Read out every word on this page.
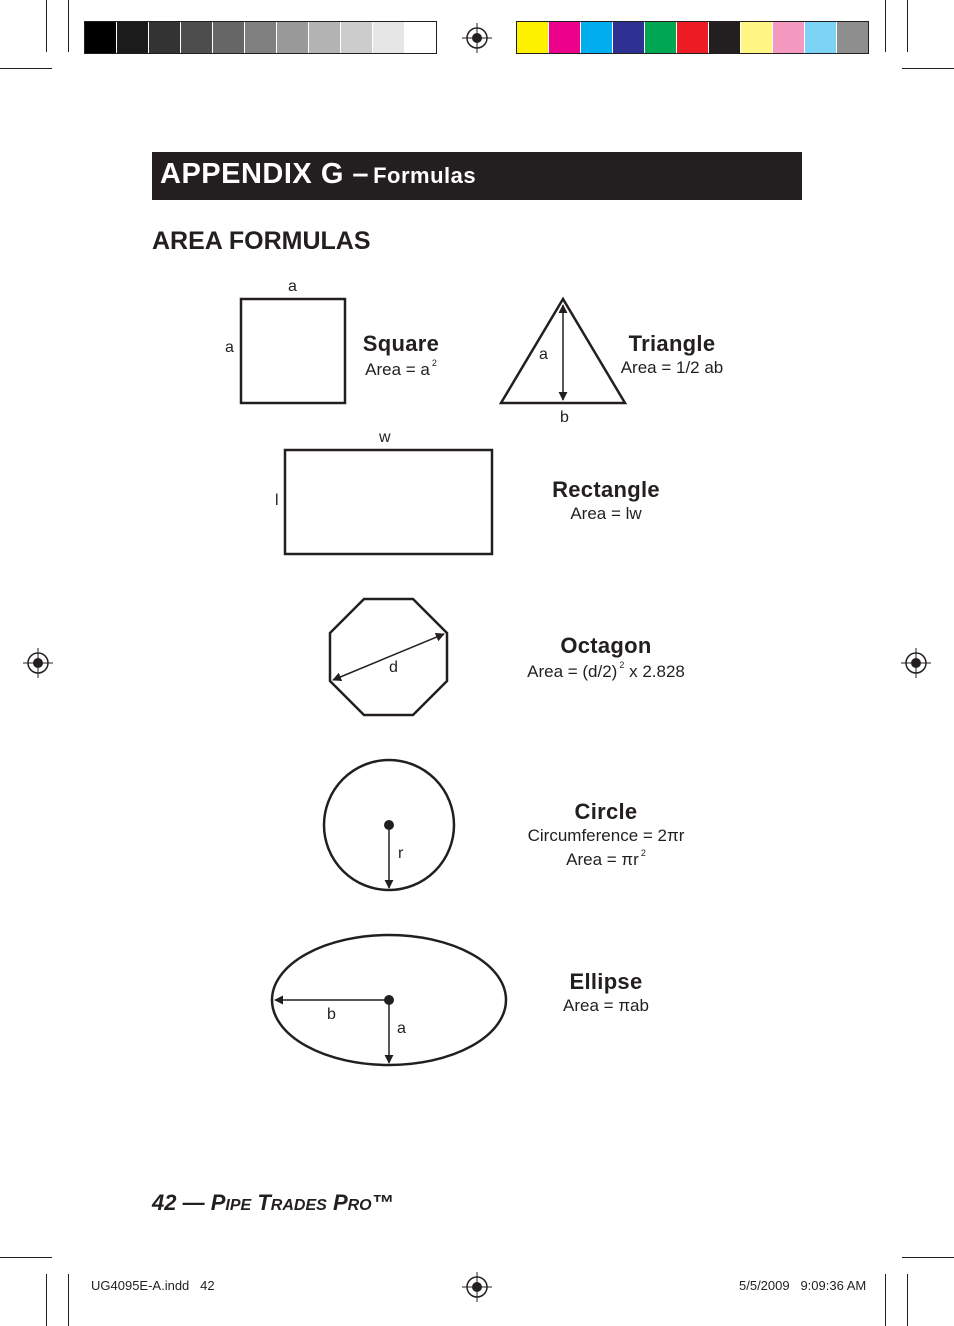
APPENDIX G – Formulas
AREA FORMULAS
a
a	Square
Area = a $^2$	a
b
Triangle
Area = 1/2 ab
w
l	Rectangle
Area = lw
d
Octagon
Area = (d/2) $^2$ x 2.828
r
Circle
Circumference = 2πr
Area = πr $^2$
b
a
Ellipse
Area = πab
42 — PIPE TRADES PRO™
UG4095E-A.indd   42	5/5/2009   9:09:36 AM
